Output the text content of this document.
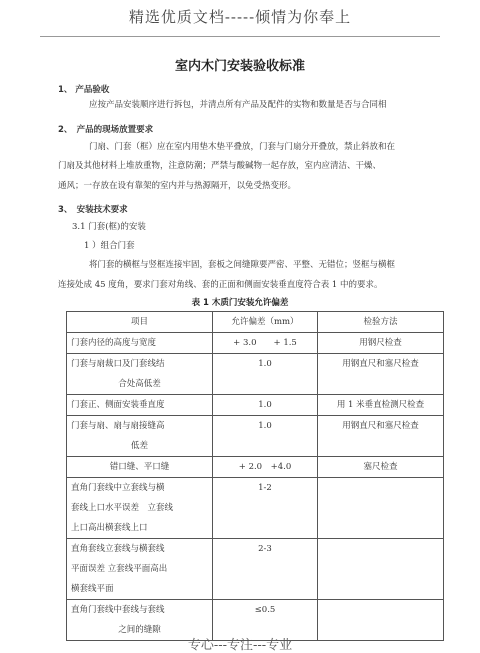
精选优质文档-----倾情为你奉上
室内木门安装验收标准
1、 产品验收
应按产品安装顺序进行拆包，并清点所有产品及配件的实物和数量是否与合同相
2、　产品的现场放置要求
门扇、门套（框）应在室内用垫木垫平叠放，门套与门扇分开叠放，禁止斜放和在
门扇及其他材料上堆放重物，注意防潮；严禁与酸碱物一起存放，室内应清洁、干燥、
通风；一存放在设有靠架的室内并与热源隔开，以免受热变形。
3、　安装技术要求
3.1 门套(框)的安装
1 ）组合门套
将门套的横框与竖框连接牢固，套板之间缝隙要严密、平整、无错位；竖框与横框
连接处成 45 度角，要求门套对角线、套的正面和侧面安装垂直度符合表 1 中的要求。
表 1 木质门安装允许偏差
项目	允许偏差（mm）	检验方法

门套内径的高度与宽度	+ 3.0　　+ 1.5	用钢尺检查

门套与扇裁口及门套线结
合处高低差	1.0	用钢直尺和塞尺检查

门套正、侧面安装垂直度	1.0	用 1 米垂直检测尺检查

门套与扇、扇与扇接缝高
低差	1.0	用钢直尺和塞尺检查

错口缝、平口缝	+ 2.0　+4.0	塞尺检查

直角门套线中立套线与横
套线上口水平误差　立套线
上口高出横套线上口	1-2	

直角套线立套线与横套线
平面误差 立套线平面高出
横套线平面	2-3	

直角门套线中套线与套线
之间的缝隙	≤0.5	
专心---专注---专业
